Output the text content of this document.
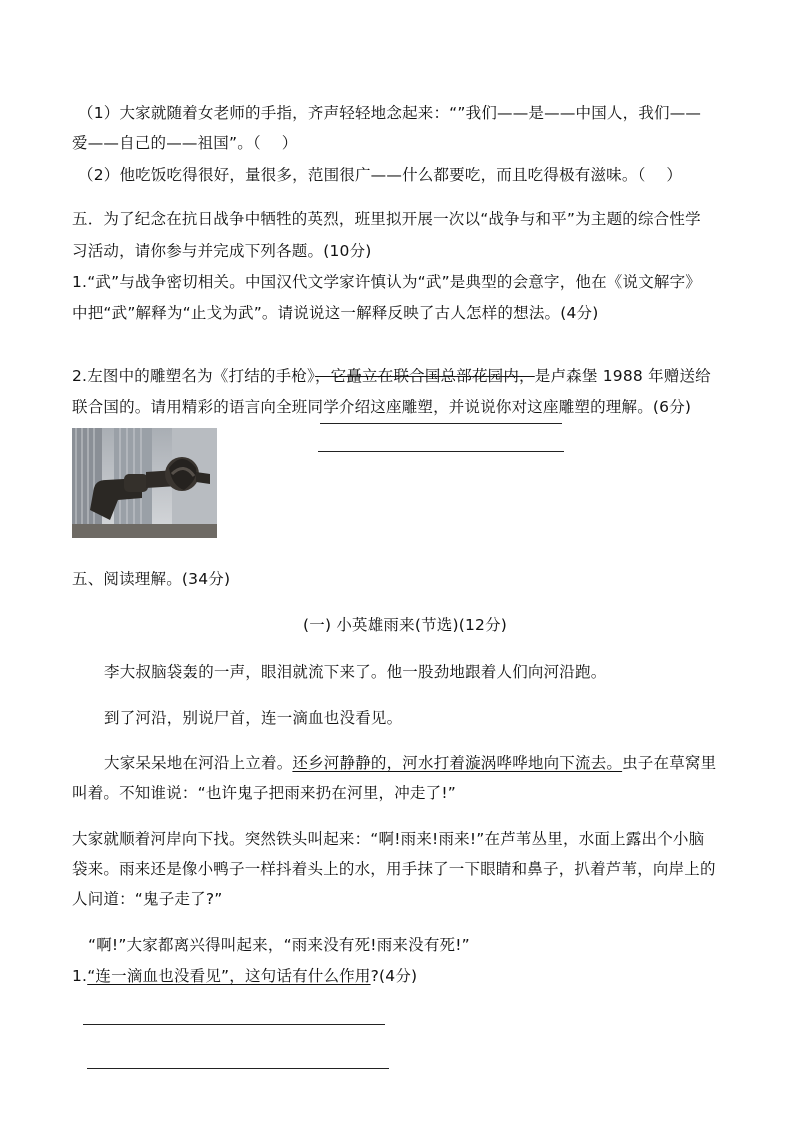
（1）大家就随着女老师的手指，齐声轻轻地念起来：“”我们——是——中国人，我们——
爱——自己的——祖国”。（　 ）
（2）他吃饭吃得很好，量很多，范围很广——什么都要吃，而且吃得极有滋味。（　 ）
五．为了纪念在抗日战争中牺牲的英烈，班里拟开展一次以“战争与和平”为主题的综合性学
习活动，请你参与并完成下列各题。(10分)
1.“武”与战争密切相关。中国汉代文学家许慎认为“武”是典型的会意字，他在《说文解字》
中把“武”解释为“止戈为武”。请说说这一解释反映了古人怎样的想法。(4分)
2.左图中的雕塑名为《打结的手枪》，它矗立在联合国总部花园内，是卢森堡 1988 年赠送给
联合国的。请用精彩的语言向全班同学介绍这座雕塑，并说说你对这座雕塑的理解。(6分)
五、阅读理解。(34分)
(一) 小英雄雨来(节选)(12分)
李大叔脑袋轰的一声，眼泪就流下来了。他一股劲地跟着人们向河沿跑。
到了河沿，别说尸首，连一滴血也没看见。
大家呆呆地在河沿上立着。还乡河静静的，河水打着漩涡哗哗地向下流去。虫子在草窝里
叫着。不知谁说：“也许鬼子把雨来扔在河里，冲走了!”
大家就顺着河岸向下找。突然铁头叫起来：“啊!雨来!雨来!”在芦苇丛里，水面上露出个小脑
袋来。雨来还是像小鸭子一样抖着头上的水，用手抹了一下眼睛和鼻子，扒着芦苇，向岸上的
人问道：“鬼子走了?”
“啊!”大家都离兴得叫起来，“雨来没有死!雨来没有死!”
1.“连一滴血也没看见”，这句话有什么作用?(4分)
